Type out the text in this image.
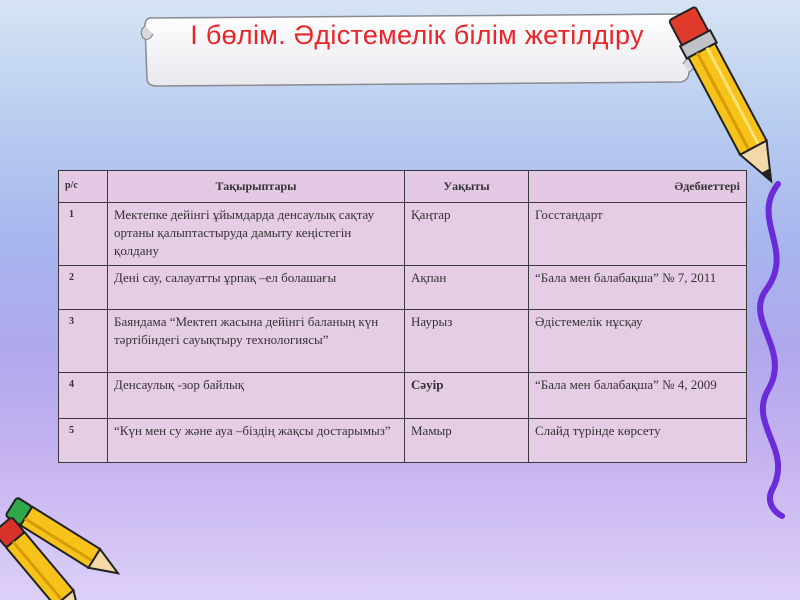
I бөлім. Әдістемелік білім жетілдіру
р/с	Тақырыптары	Уақыты	Әдебиеттері
1	Мектепке дейінгі ұйымдарда денсаулық сақтау ортаны қалыптастыруда дамыту кеңістегін қолдану	Қаңтар	Госстандарт
2	Дені сау, салауатты ұрпақ –ел болашағы	Ақпан	“Бала мен балабақша” № 7, 2011
3	Баяндама “Мектеп жасына дейінгі баланың күн тәртібіндегі сауықтыру технологиясы”	Наурыз	Әдістемелік нұсқау
4	Денсаулық -зор байлық	Сәуір	“Бала мен балабақша” № 4, 2009
5	“Күн мен су және ауа –біздің жақсы достарымыз”	Мамыр	Слайд түрінде көрсету
